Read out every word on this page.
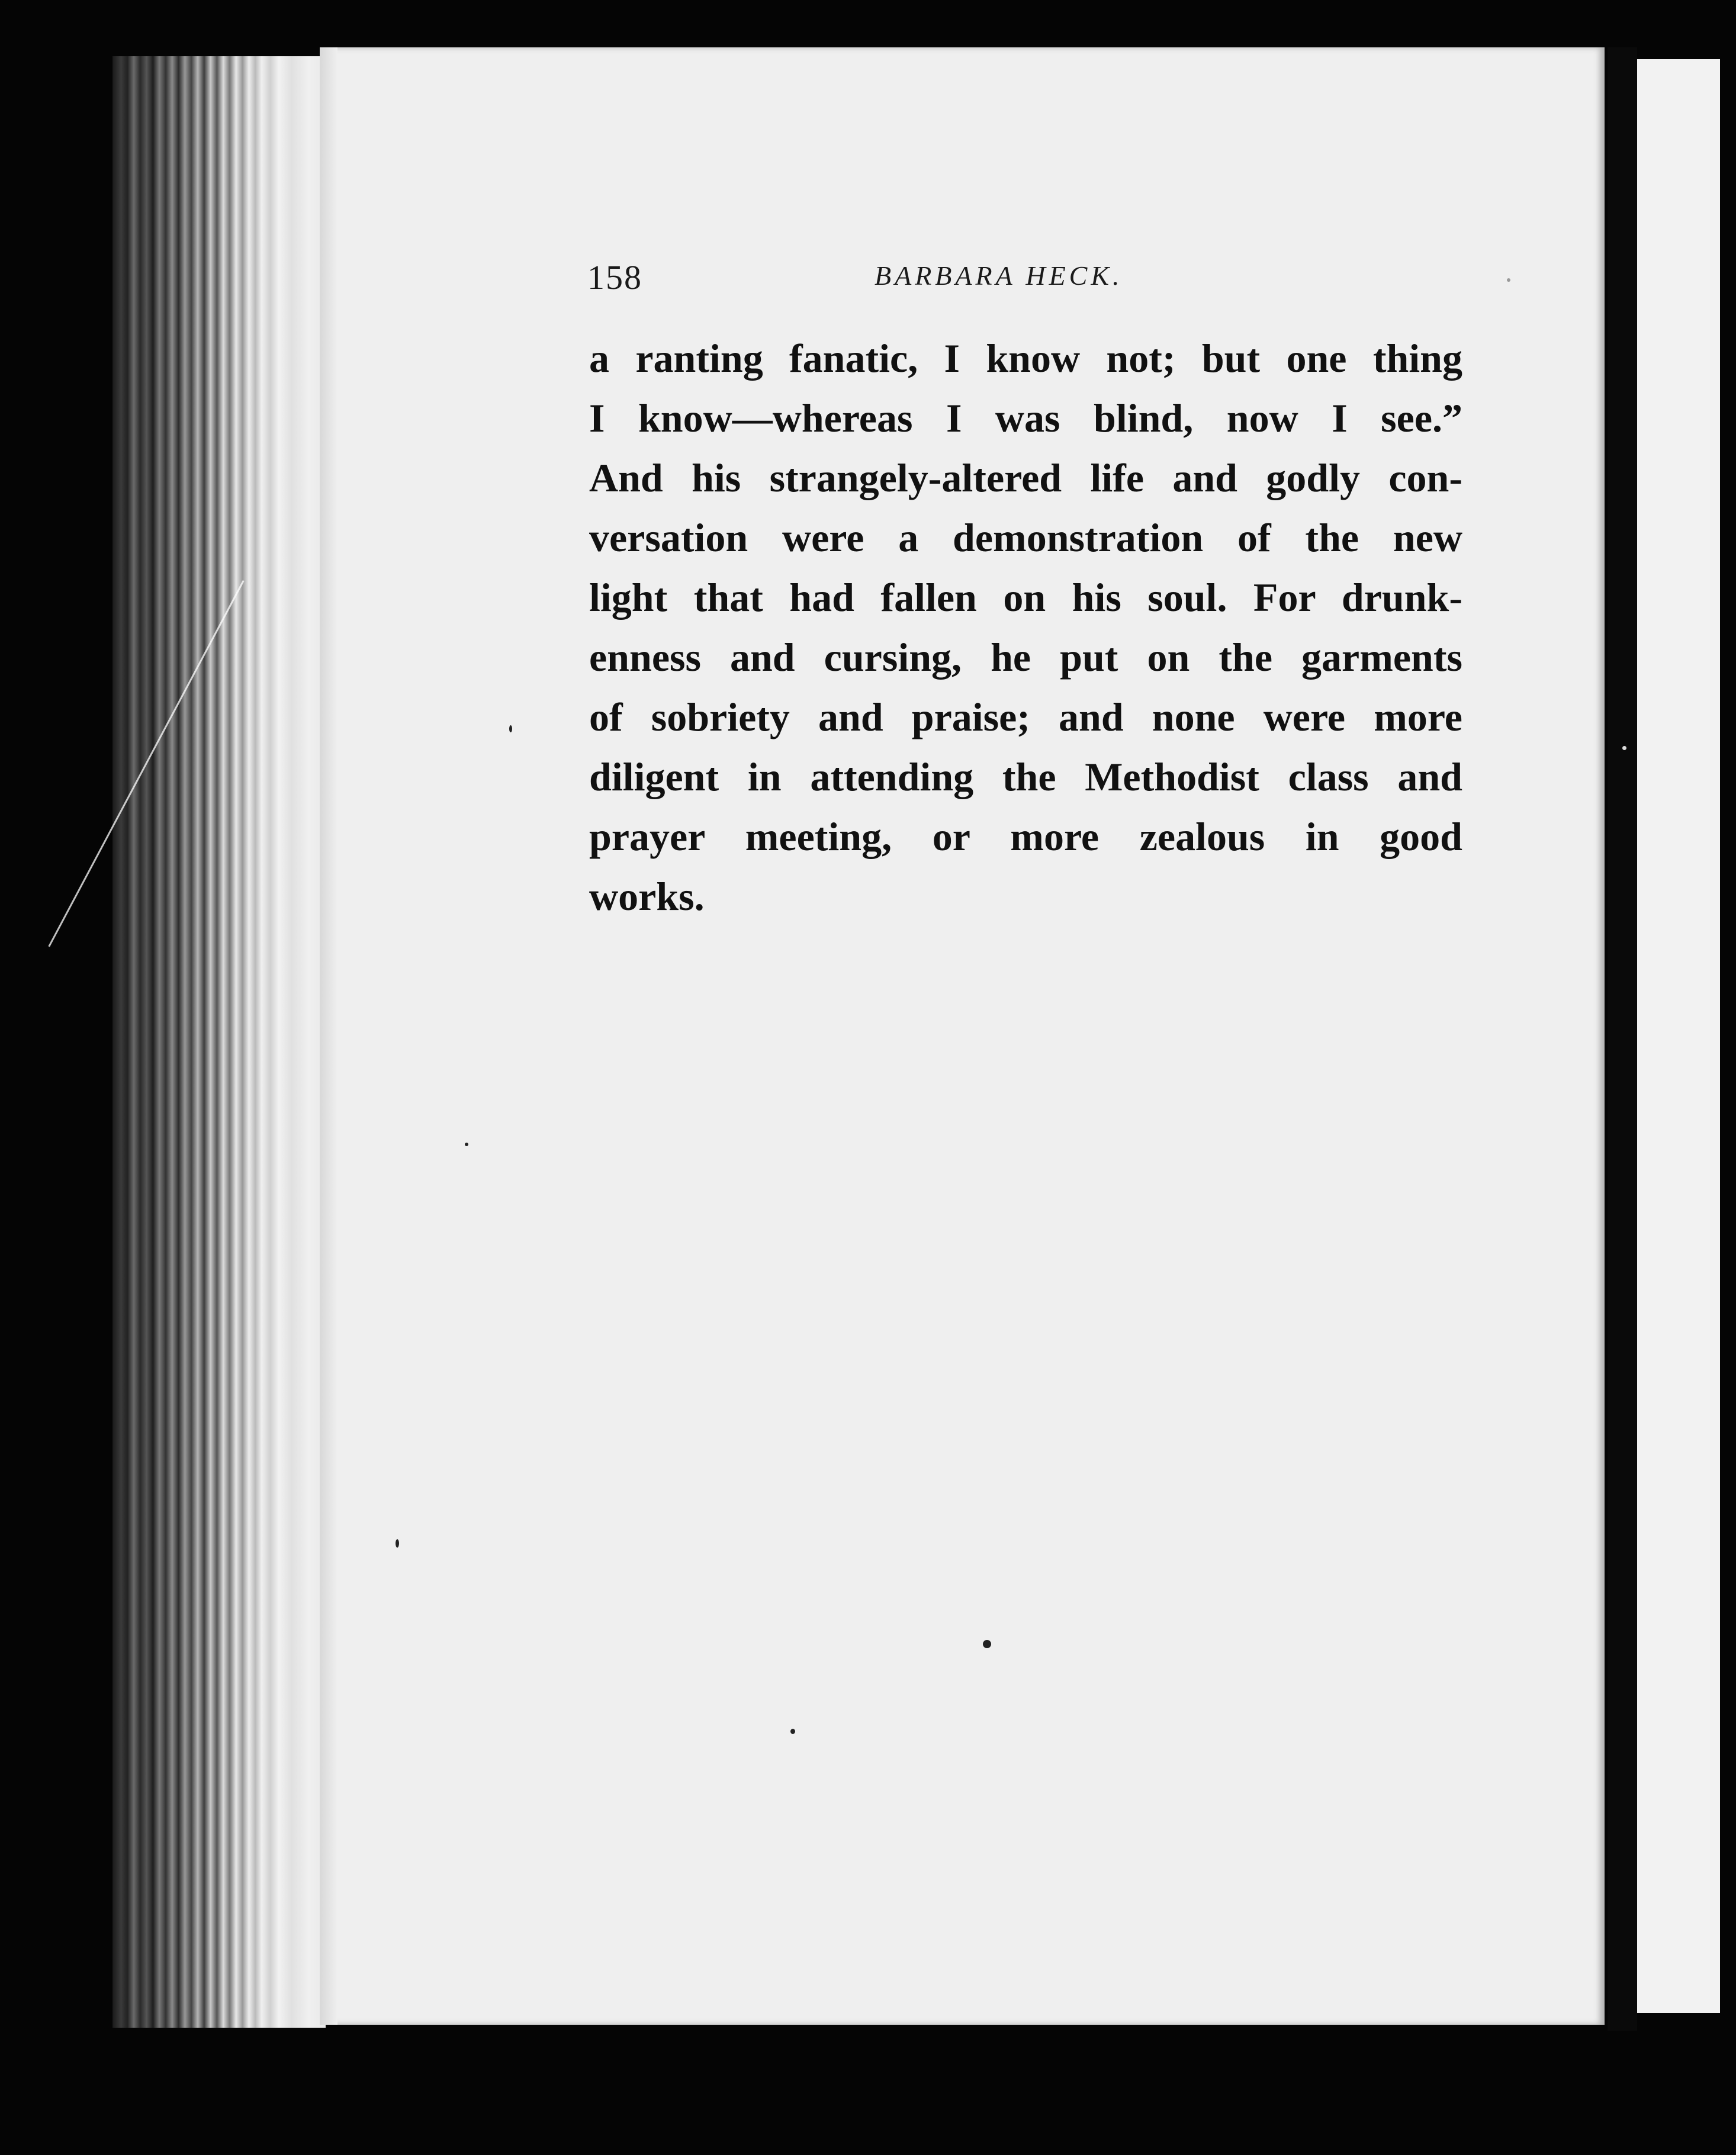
158	BARBARA HECK.
a ranting fanatic, I know not; but one thing
I know—whereas I was blind, now I see.”
And his strangely-altered life and godly con-
versation were a demonstration of the new
light that had fallen on his soul. For drunk-
enness and cursing, he put on the garments
of sobriety and praise; and none were more
diligent in attending the Methodist class and
prayer meeting, or more zealous in good
works.
